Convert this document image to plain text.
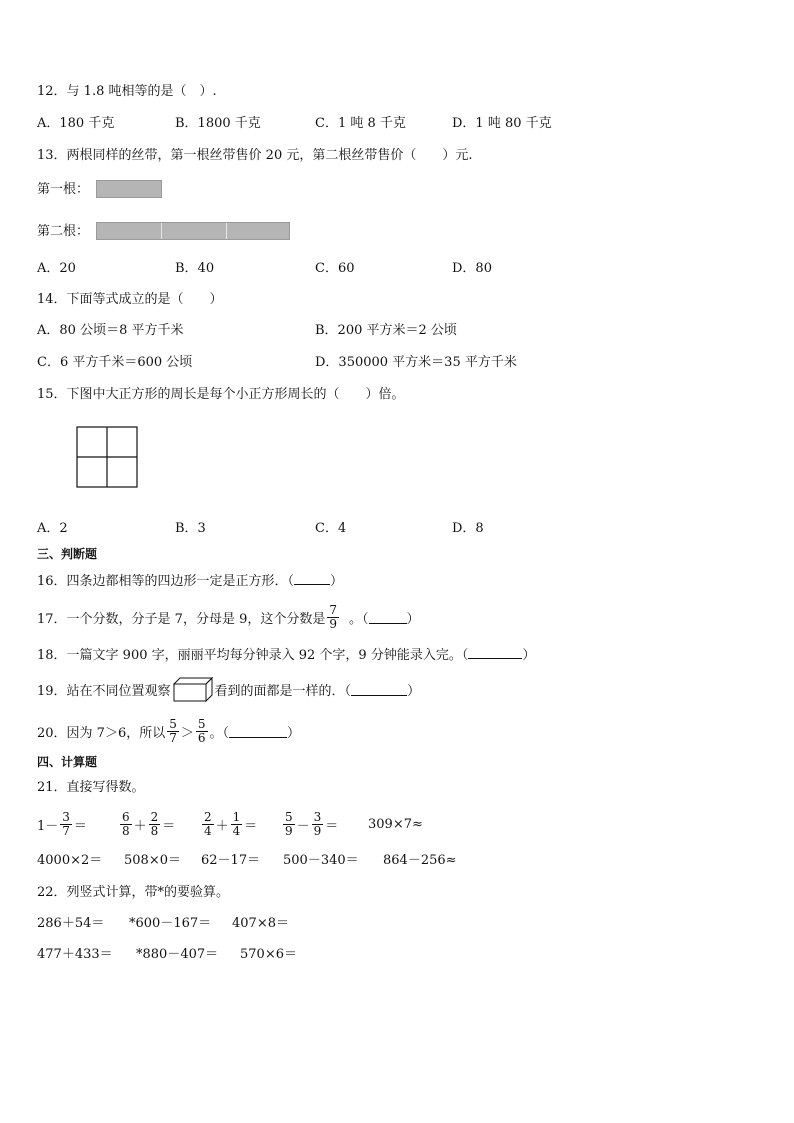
12．与 1.8 吨相等的是（　）.
A．180 千克	B．1800 千克	C．1 吨 8 千克	D．1 吨 80 千克
13．两根同样的丝带，第一根丝带售价 20 元，第二根丝带售价（　　）元.
第一根：
第二根：
A．20	B．40	C．60	D．80
14．下面等式成立的是（　　）
A．80 公顷＝8 平方千米	B．200 平方米＝2 公顷
C．6 平方千米＝600 公顷	D．350000 平方米＝35 平方千米
15．下图中大正方形的周长是每个小正方形周长的（　　）倍。
A．2	B．3	C．4	D．8
三、判断题
16．四条边都相等的四边形一定是正方形．（	）
17．一个分数，分子是 7，分母是 9，这个分数是 $\frac{7}{9}$ 。（	）
18．一篇文字 900 字，丽丽平均每分钟录入 92 个字，9 分钟能录入完。（	）
19．站在不同位置观察	看到的面都是一样的．（	）
20．因为 7＞6，所以 $\frac{5}{7} > \frac{5}{6}$ 。（	）
四、计算题
21．直接写得数。
$1- \frac{3}{7}$ ＝	$\frac{6}{8} + \frac{2}{8} = \frac{2}{4} + \frac{1}{4} = \frac{5}{9} - \frac{3}{9} = 309\times 7\approx$
4000×2＝ 508×0＝ 62－17＝ 500－340＝ 864－256≈
22．列竖式计算，带*的要验算。
286＋54＝ *600－167＝ 407×8＝
477＋433＝ *880－407＝ 570×6＝
